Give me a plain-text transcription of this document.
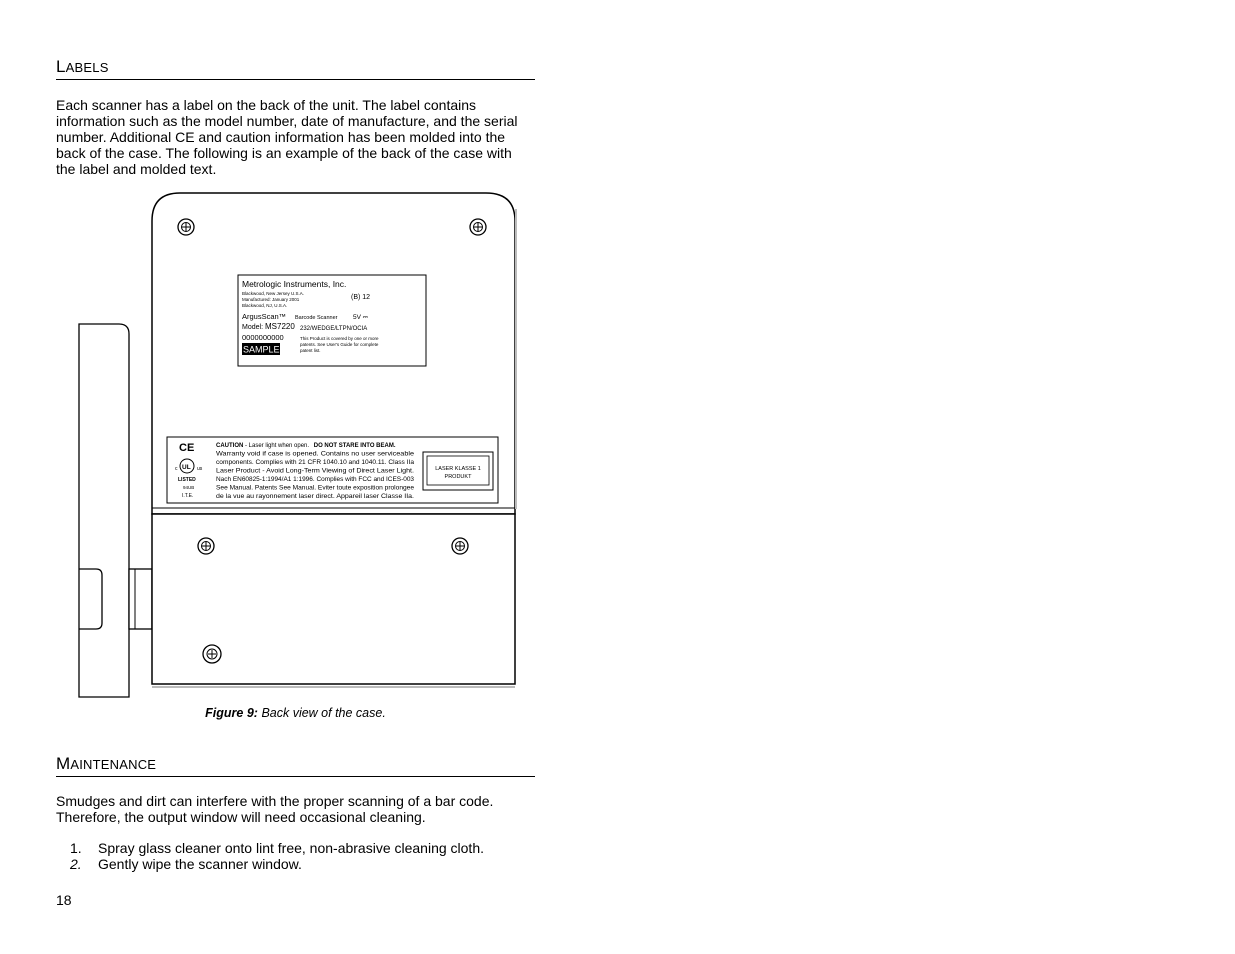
LABELS

Each scanner has a label on the back of the unit. The label contains information such as the model number, date of manufacture, and the serial number. Additional CE and caution information has been molded into the back of the case. The following is an example of the back of the case with the label and molded text.

Metrologic Instruments, Inc.
Blackwood, New Jersey U.S.A.
Manufactured: January 2001
Blackwood, NJ, U.S.A.
(B) 12
ArgusScan™ Barcode Scanner 5V ⎓
Model: MS7220 232/WEDGE/LTPN/OCIA
0000000000	This Product is covered by one or more
patents. See User's Guide for complete
patent list.
SAMPLE
CE
c UL us
LISTED
94UB
I.T.E.
CAUTION - Laser light when open. DO NOT STARE INTO BEAM.
Warranty void if case is opened. Contains no user serviceable
components. Complies with 21 CFR 1040.10 and 1040.11. Class IIa
Laser Product - Avoid Long-Term Viewing of Direct Laser Light.
Nach EN60825-1:1994/A1 1:1996. Complies with FCC and ICES-003
See Manual. Patents See Manual. Eviter toute exposition prolongee
de la vue au rayonnement laser direct. Appareil laser Classe IIa.
LASER KLASSE 1
PRODUKT
Figure 9: Back view of the case.
MAINTENANCE

Smudges and dirt can interfere with the proper scanning of a bar code. Therefore, the output window will need occasional cleaning.

1.	Spray glass cleaner onto lint free, non-abrasive cleaning cloth.
2.	Gently wipe the scanner window.
18
